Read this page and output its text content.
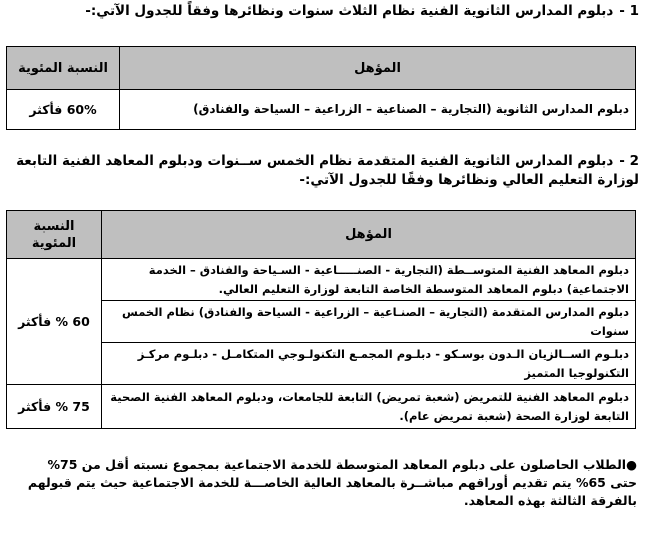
1 -دبلوم المدارس الثانوية الفنية نظام الثلاث سنوات ونظائرها وفقاً للجدول الآتي:-
المؤهل	النسبة المئوية
دبلوم المدارس الثانوية (التجارية – الصناعية – الزراعية – السياحة والفنادق)	60% فأكثر
2 -دبلوم المدارس الثانوية الفنية المتقدمة نظام الخمس ســنوات ودبلوم المعاهد الفنية التابعة
لوزارة التعليم العالي ونظائرها وفقًا للجدول الآتي:-
المؤهل	النسبة المئوية
دبلوم المعاهد الفنية المتوســطة (التجارية - الصنـــــاعية - السـياحة والفنادق – الخدمة الاجتماعية) دبلوم المعاهد المتوسطة الخاصة التابعة لوزارة التعليم العالي.	60 % فأكثر
دبلوم المدارس المتقدمة (التجارية – الصنـاعية – الزراعية - السياحة والفنادق) نظام الخمس سنوات	
دبلـوم الســالزيان الـدون بوسـكو - دبلـوم المجمـع التكنولـوجي المتكامـل - دبلـوم مركـز التكنولوجيا المتميز	
دبلوم المعاهد الفنية للتمريض (شعبة تمريض) التابعة للجامعات، ودبلوم المعاهد الفنية الصحية التابعة لوزارة الصحة (شعبة تمريض عام).	75 % فأكثر
●الطلاب الحاصلون على دبلوم المعاهد المتوسطة للخدمة الاجتماعية بمجموع نسبته أقل من 75% حتى 65% يتم تقديم أوراقهم مباشــرة بالمعاهد العالية الخاصـــة للخدمة الاجتماعية حيث يتم قبولهم بالفرقة الثالثة بهذه المعاهد.
